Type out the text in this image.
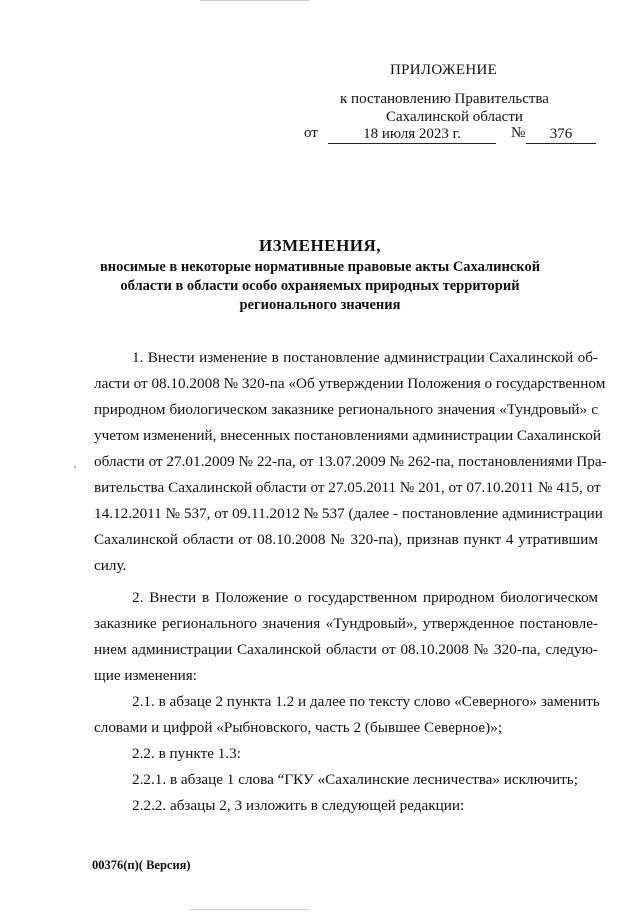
ПРИЛОЖЕНИЕ
к постановлению Правительства
Сахалинской области
от	18 июля 2023 г.	№	376
ИЗМЕНЕНИЯ,
вносимые в некоторые нормативные правовые акты Сахалинской
области в области особо охраняемых природных территорий
регионального значения
1. Внести изменение в постановление администрации Сахалинской об-
ласти от 08.10.2008 № 320-па «Об утверждении Положения о государственном
природном биологическом заказнике регионального значения «Тундровый» с
учетом изменений, внесенных постановлениями администрации Сахалинской
области от 27.01.2009 № 22-па, от 13.07.2009 № 262-па, постановлениями Пра-
вительства Сахалинской области от 27.05.2011 № 201, от 07.10.2011 № 415, от
14.12.2011 № 537, от 09.11.2012 № 537 (далее - постановление администрации
Сахалинской области от 08.10.2008 № 320-па), признав пункт 4 утратившим
силу.
2. Внести в Положение о государственном природном биологическом
заказнике регионального значения «Тундровый», утвержденное постановле-
нием администрации Сахалинской области от 08.10.2008 № 320-па, следую-
щие изменения:
2.1. в абзаце 2 пункта 1.2 и далее по тексту слово «Северного» заменить
словами и цифрой «Рыбновского, часть 2 (бывшее Северное)»;
2.2. в пункте 1.3:
2.2.1. в абзаце 1 слова “ГКУ «Сахалинские лесничества» исключить;
2.2.2. абзацы 2, 3 изложить в следующей редакции:
00376(п)( Версия)
